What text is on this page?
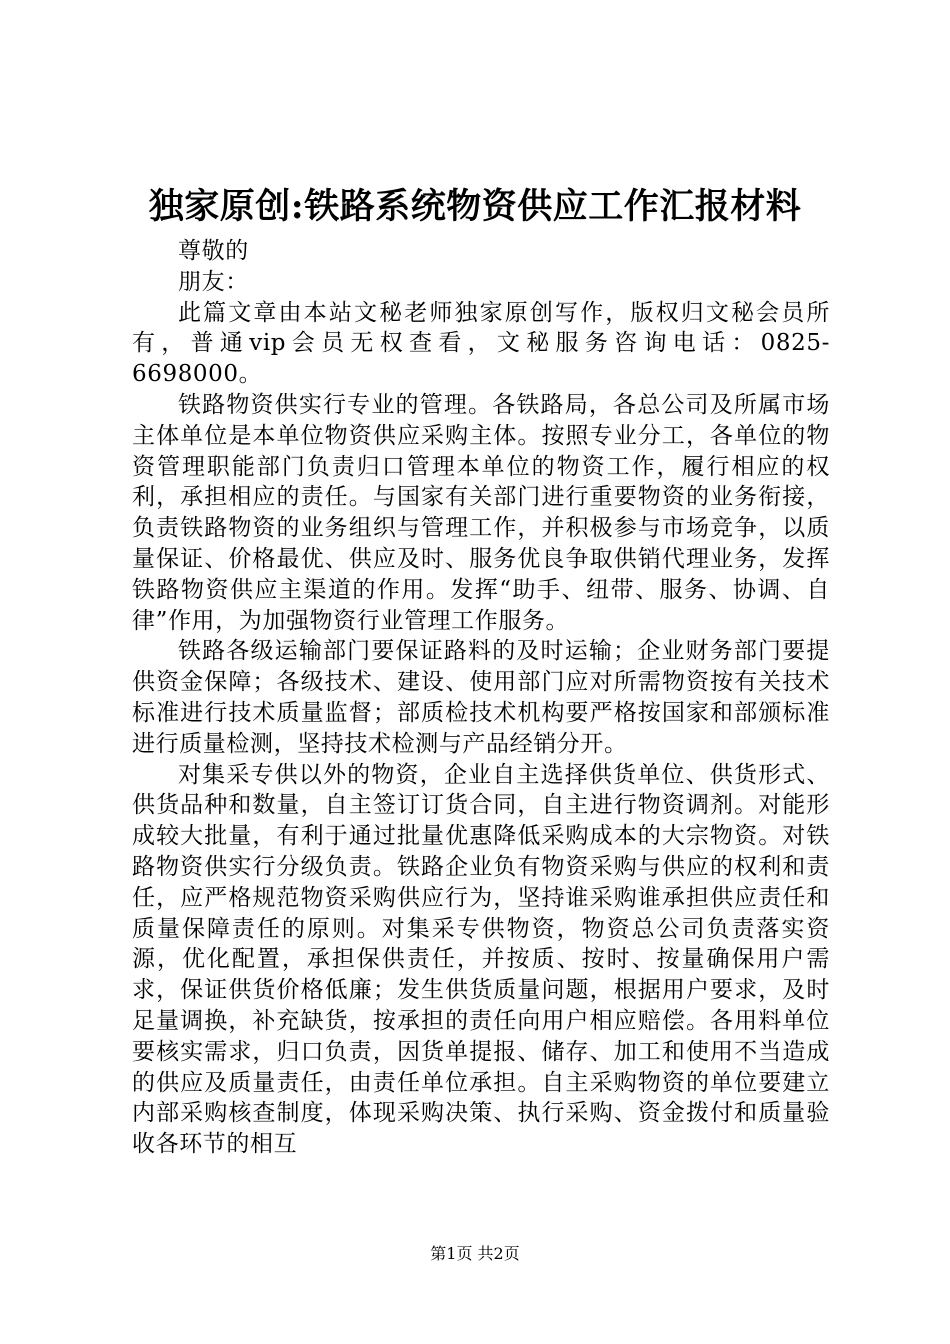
独家原创:铁路系统物资供应工作汇报材料

尊敬的

朋友：

此篇文章由本站文秘老师独家原创写作，版权归文秘会员所有，普通vip会员无权查看，文秘服务咨询电话：0825-6698000。

铁路物资供实行专业的管理。各铁路局，各总公司及所属市场主体单位是本单位物资供应采购主体。按照专业分工，各单位的物资管理职能部门负责归口管理本单位的物资工作，履行相应的权利，承担相应的责任。与国家有关部门进行重要物资的业务衔接，负责铁路物资的业务组织与管理工作，并积极参与市场竞争，以质量保证、价格最优、供应及时、服务优良争取供销代理业务，发挥铁路物资供应主渠道的作用。发挥“助手、纽带、服务、协调、自律”作用，为加强物资行业管理工作服务。

铁路各级运输部门要保证路料的及时运输；企业财务部门要提供资金保障；各级技术、建设、使用部门应对所需物资按有关技术标准进行技术质量监督；部质检技术机构要严格按国家和部颁标准进行质量检测，坚持技术检测与产品经销分开。

对集采专供以外的物资，企业自主选择供货单位、供货形式、供货品种和数量，自主签订订货合同，自主进行物资调剂。对能形成较大批量，有利于通过批量优惠降低采购成本的大宗物资。对铁路物资供实行分级负责。铁路企业负有物资采购与供应的权利和责任，应严格规范物资采购供应行为，坚持谁采购谁承担供应责任和质量保障责任的原则。对集采专供物资，物资总公司负责落实资源，优化配置，承担保供责任，并按质、按时、按量确保用户需求，保证供货价格低廉；发生供货质量问题，根据用户要求，及时足量调换，补充缺货，按承担的责任向用户相应赔偿。各用料单位要核实需求，归口负责，因货单提报、储存、加工和使用不当造成的供应及质量责任，由责任单位承担。自主采购物资的单位要建立内部采购核查制度，体现采购决策、执行采购、资金拨付和质量验收各环节的相互

第1页 共2页
